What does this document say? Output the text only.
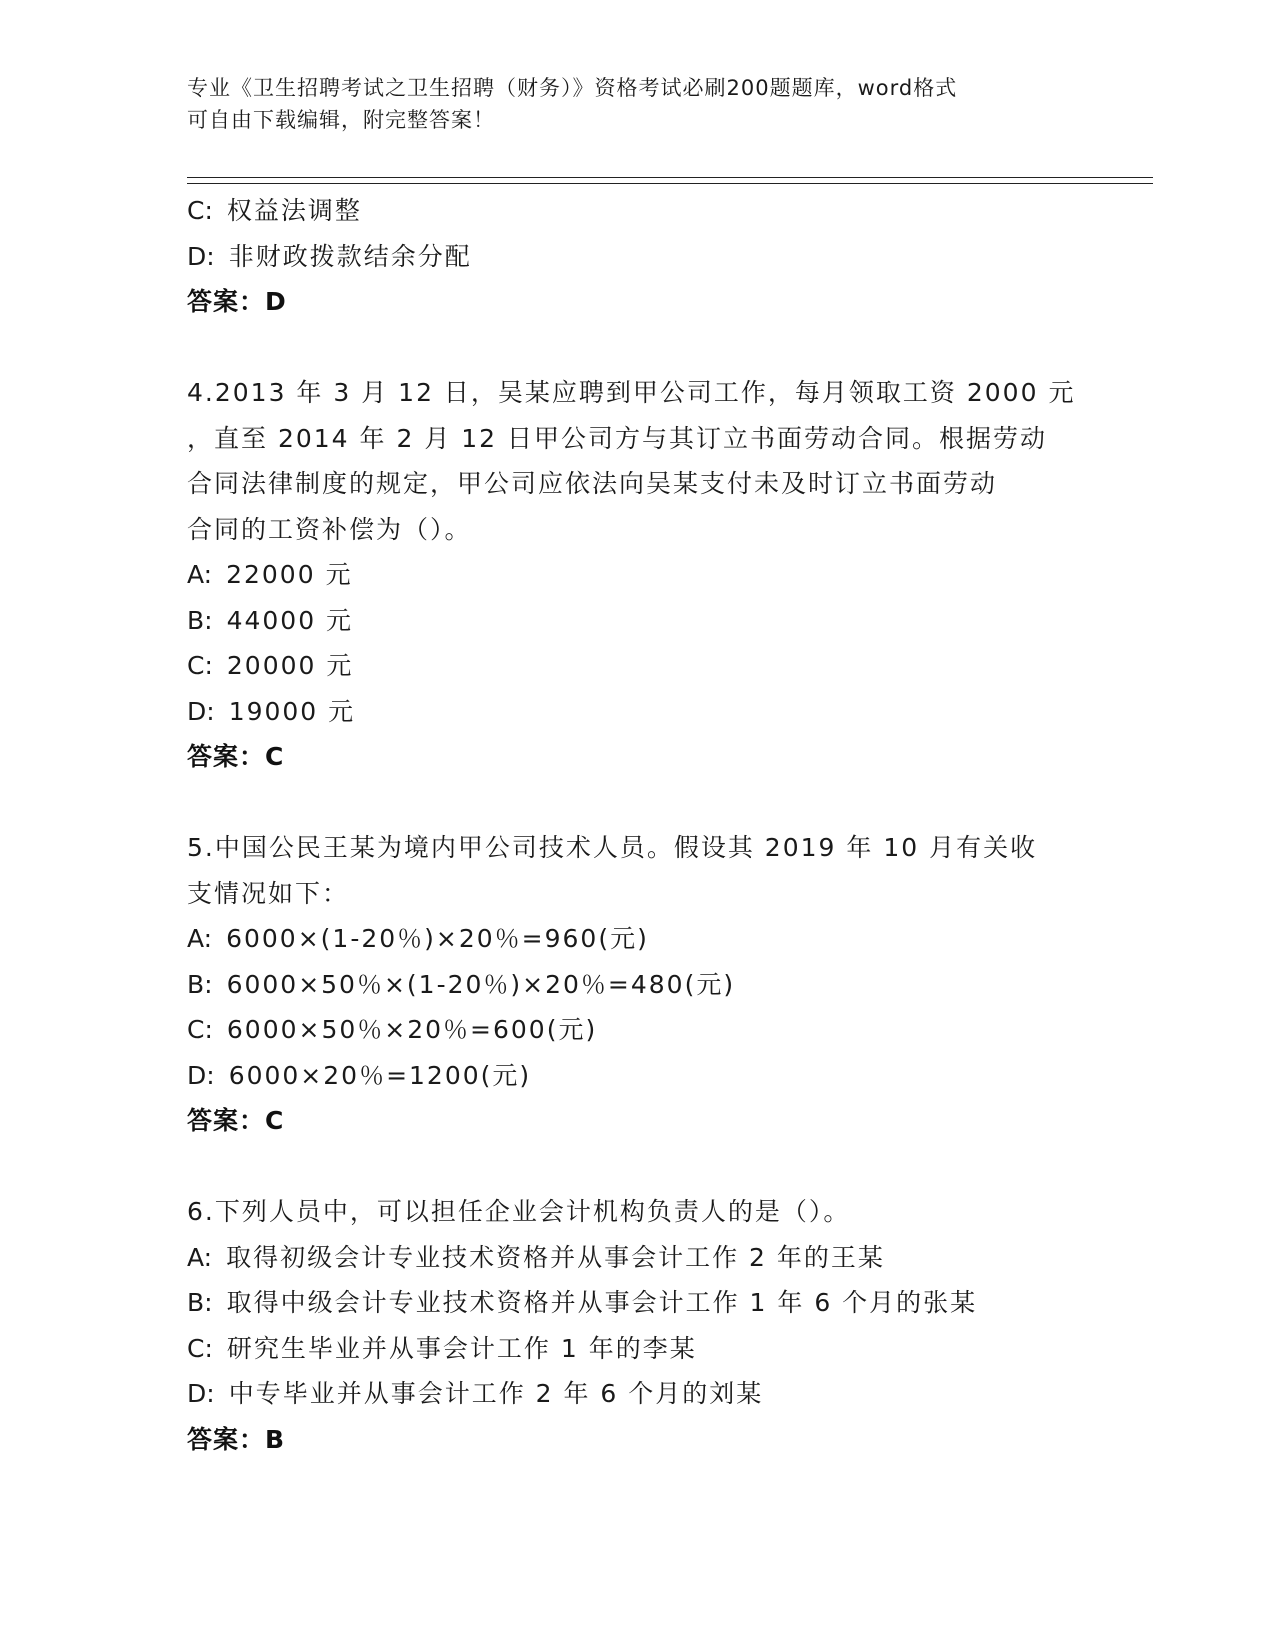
专业《卫生招聘考试之卫生招聘（财务）》资格考试必刷200题题库，word格式
可自由下载编辑，附完整答案！
C: 权益法调整
D: 非财政拨款结余分配
答案：D
4.2013 年 3 月 12 日，吴某应聘到甲公司工作，每月领取工资 2000 元
，直至 2014 年 2 月 12 日甲公司方与其订立书面劳动合同。根据劳动
合同法律制度的规定，甲公司应依法向吴某支付未及时订立书面劳动
合同的工资补偿为（）。
A: 22000 元
B: 44000 元
C: 20000 元
D: 19000 元
答案：C
5.中国公民王某为境内甲公司技术人员。假设其 2019 年 10 月有关收
支情况如下：
A: 6000×(1-20％)×20％=960(元)
B: 6000×50％×(1-20％)×20％=480(元)
C: 6000×50％×20％=600(元)
D: 6000×20％=1200(元)
答案：C
6.下列人员中，可以担任企业会计机构负责人的是（）。
A: 取得初级会计专业技术资格并从事会计工作 2 年的王某
B: 取得中级会计专业技术资格并从事会计工作 1 年 6 个月的张某
C: 研究生毕业并从事会计工作 1 年的李某
D: 中专毕业并从事会计工作 2 年 6 个月的刘某
答案：B
